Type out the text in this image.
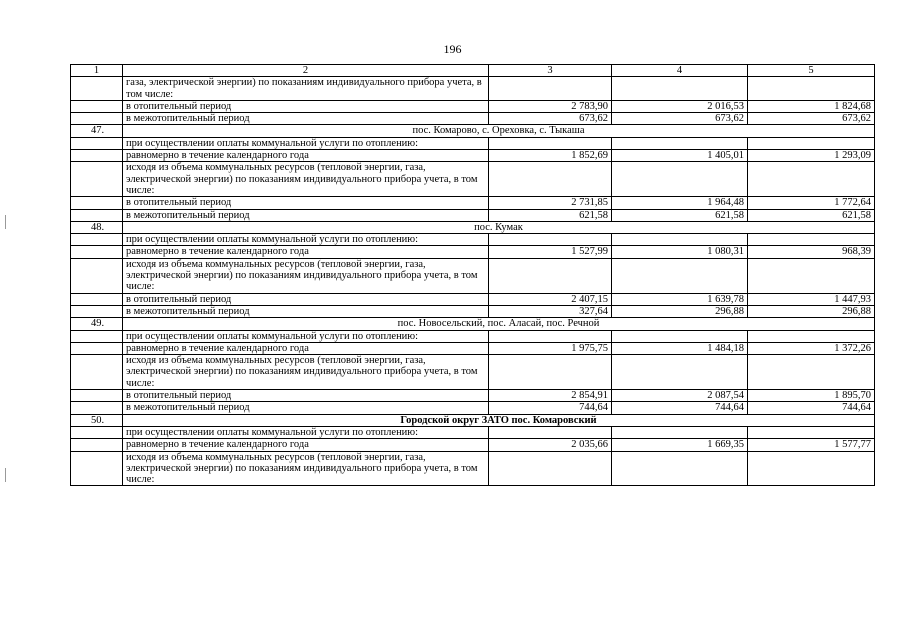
196
1	2	3	4	5
	газа, электрической энергии) по показаниям индивидуального прибора учета, в том числе:			
	в отопительный период	2 783,90	2 016,53	1 824,68
	в межотопительный период	673,62	673,62	673,62
47.	пос. Комарово, с. Ореховка, с. Тыкаша			
	при осуществлении оплаты коммунальной услуги по отоплению:			
	равномерно в течение календарного года	1 852,69	1 405,01	1 293,09
	исходя из объема коммунальных ресурсов (тепловой энергии, газа, электрической энергии) по показаниям индивидуального прибора учета, в том числе:			
	в отопительный период	2 731,85	1 964,48	1 772,64
	в межотопительный период	621,58	621,58	621,58
48.	пос. Кумак			
	при осуществлении оплаты коммунальной услуги по отоплению:			
	равномерно в течение календарного года	1 527,99	1 080,31	968,39
	исходя из объема коммунальных ресурсов (тепловой энергии, газа, электрической энергии) по показаниям индивидуального прибора учета, в том числе:			
	в отопительный период	2 407,15	1 639,78	1 447,93
	в межотопительный период	327,64	296,88	296,88
49.	пос. Новосельский, пос. Аласай, пос. Речной			
	при осуществлении оплаты коммунальной услуги по отоплению:			
	равномерно в течение календарного года	1 975,75	1 484,18	1 372,26
	исходя из объема коммунальных ресурсов (тепловой энергии, газа, электрической энергии) по показаниям индивидуального прибора учета, в том числе:			
	в отопительный период	2 854,91	2 087,54	1 895,70
	в межотопительный период	744,64	744,64	744,64
50.	Городской округ ЗАТО пос. Комаровский			
	при осуществлении оплаты коммунальной услуги по отоплению:			
	равномерно в течение календарного года	2 035,66	1 669,35	1 577,77
	исходя из объема коммунальных ресурсов (тепловой энергии, газа, электрической энергии) по показаниям индивидуального прибора учета, в том числе:			
